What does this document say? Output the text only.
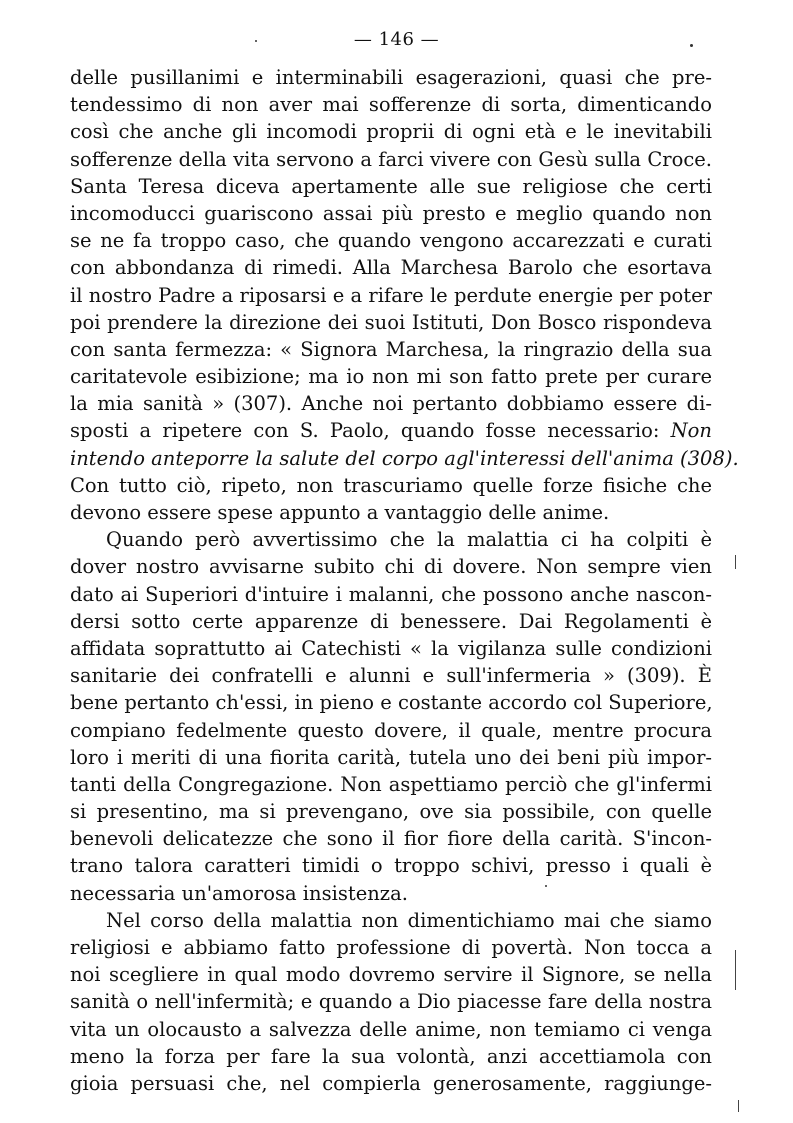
— 146 —
delle pusillanimi e interminabili esagerazioni, quasi che pre-
tendessimo di non aver mai sofferenze di sorta, dimenticando
così che anche gli incomodi proprii di ogni età e le inevitabili
sofferenze della vita servono a farci vivere con Gesù sulla Croce.
Santa Teresa diceva apertamente alle sue religiose che certi
incomoducci guariscono assai più presto e meglio quando non
se ne fa troppo caso, che quando vengono accarezzati e curati
con abbondanza di rimedi. Alla Marchesa Barolo che esortava
il nostro Padre a riposarsi e a rifare le perdute energie per poter
poi prendere la direzione dei suoi Istituti, Don Bosco rispondeva
con santa fermezza: « Signora Marchesa, la ringrazio della sua
caritatevole esibizione; ma io non mi son fatto prete per curare
la mia sanità » (307). Anche noi pertanto dobbiamo essere di-
sposti a ripetere con S. Paolo, quando fosse necessario: Non
intendo anteporre la salute del corpo agl'interessi dell'anima (308).
Con tutto ciò, ripeto, non trascuriamo quelle forze fisiche che
devono essere spese appunto a vantaggio delle anime.
Quando però avvertissimo che la malattia ci ha colpiti è
dover nostro avvisarne subito chi di dovere. Non sempre vien
dato ai Superiori d'intuire i malanni, che possono anche nascon-
dersi sotto certe apparenze di benessere. Dai Regolamenti è
affidata soprattutto ai Catechisti « la vigilanza sulle condizioni
sanitarie dei confratelli e alunni e sull'infermeria » (309). È
bene pertanto ch'essi, in pieno e costante accordo col Superiore,
compiano fedelmente questo dovere, il quale, mentre procura
loro i meriti di una fiorita carità, tutela uno dei beni più impor-
tanti della Congregazione. Non aspettiamo perciò che gl'infermi
si presentino, ma si prevengano, ove sia possibile, con quelle
benevoli delicatezze che sono il fior fiore della carità. S'incon-
trano talora caratteri timidi o troppo schivi, presso i quali è
necessaria un'amorosa insistenza.
Nel corso della malattia non dimentichiamo mai che siamo
religiosi e abbiamo fatto professione di povertà. Non tocca a
noi scegliere in qual modo dovremo servire il Signore, se nella
sanità o nell'infermità; e quando a Dio piacesse fare della nostra
vita un olocausto a salvezza delle anime, non temiamo ci venga
meno la forza per fare la sua volontà, anzi accettiamola con
gioia persuasi che, nel compierla generosamente, raggiunge-
